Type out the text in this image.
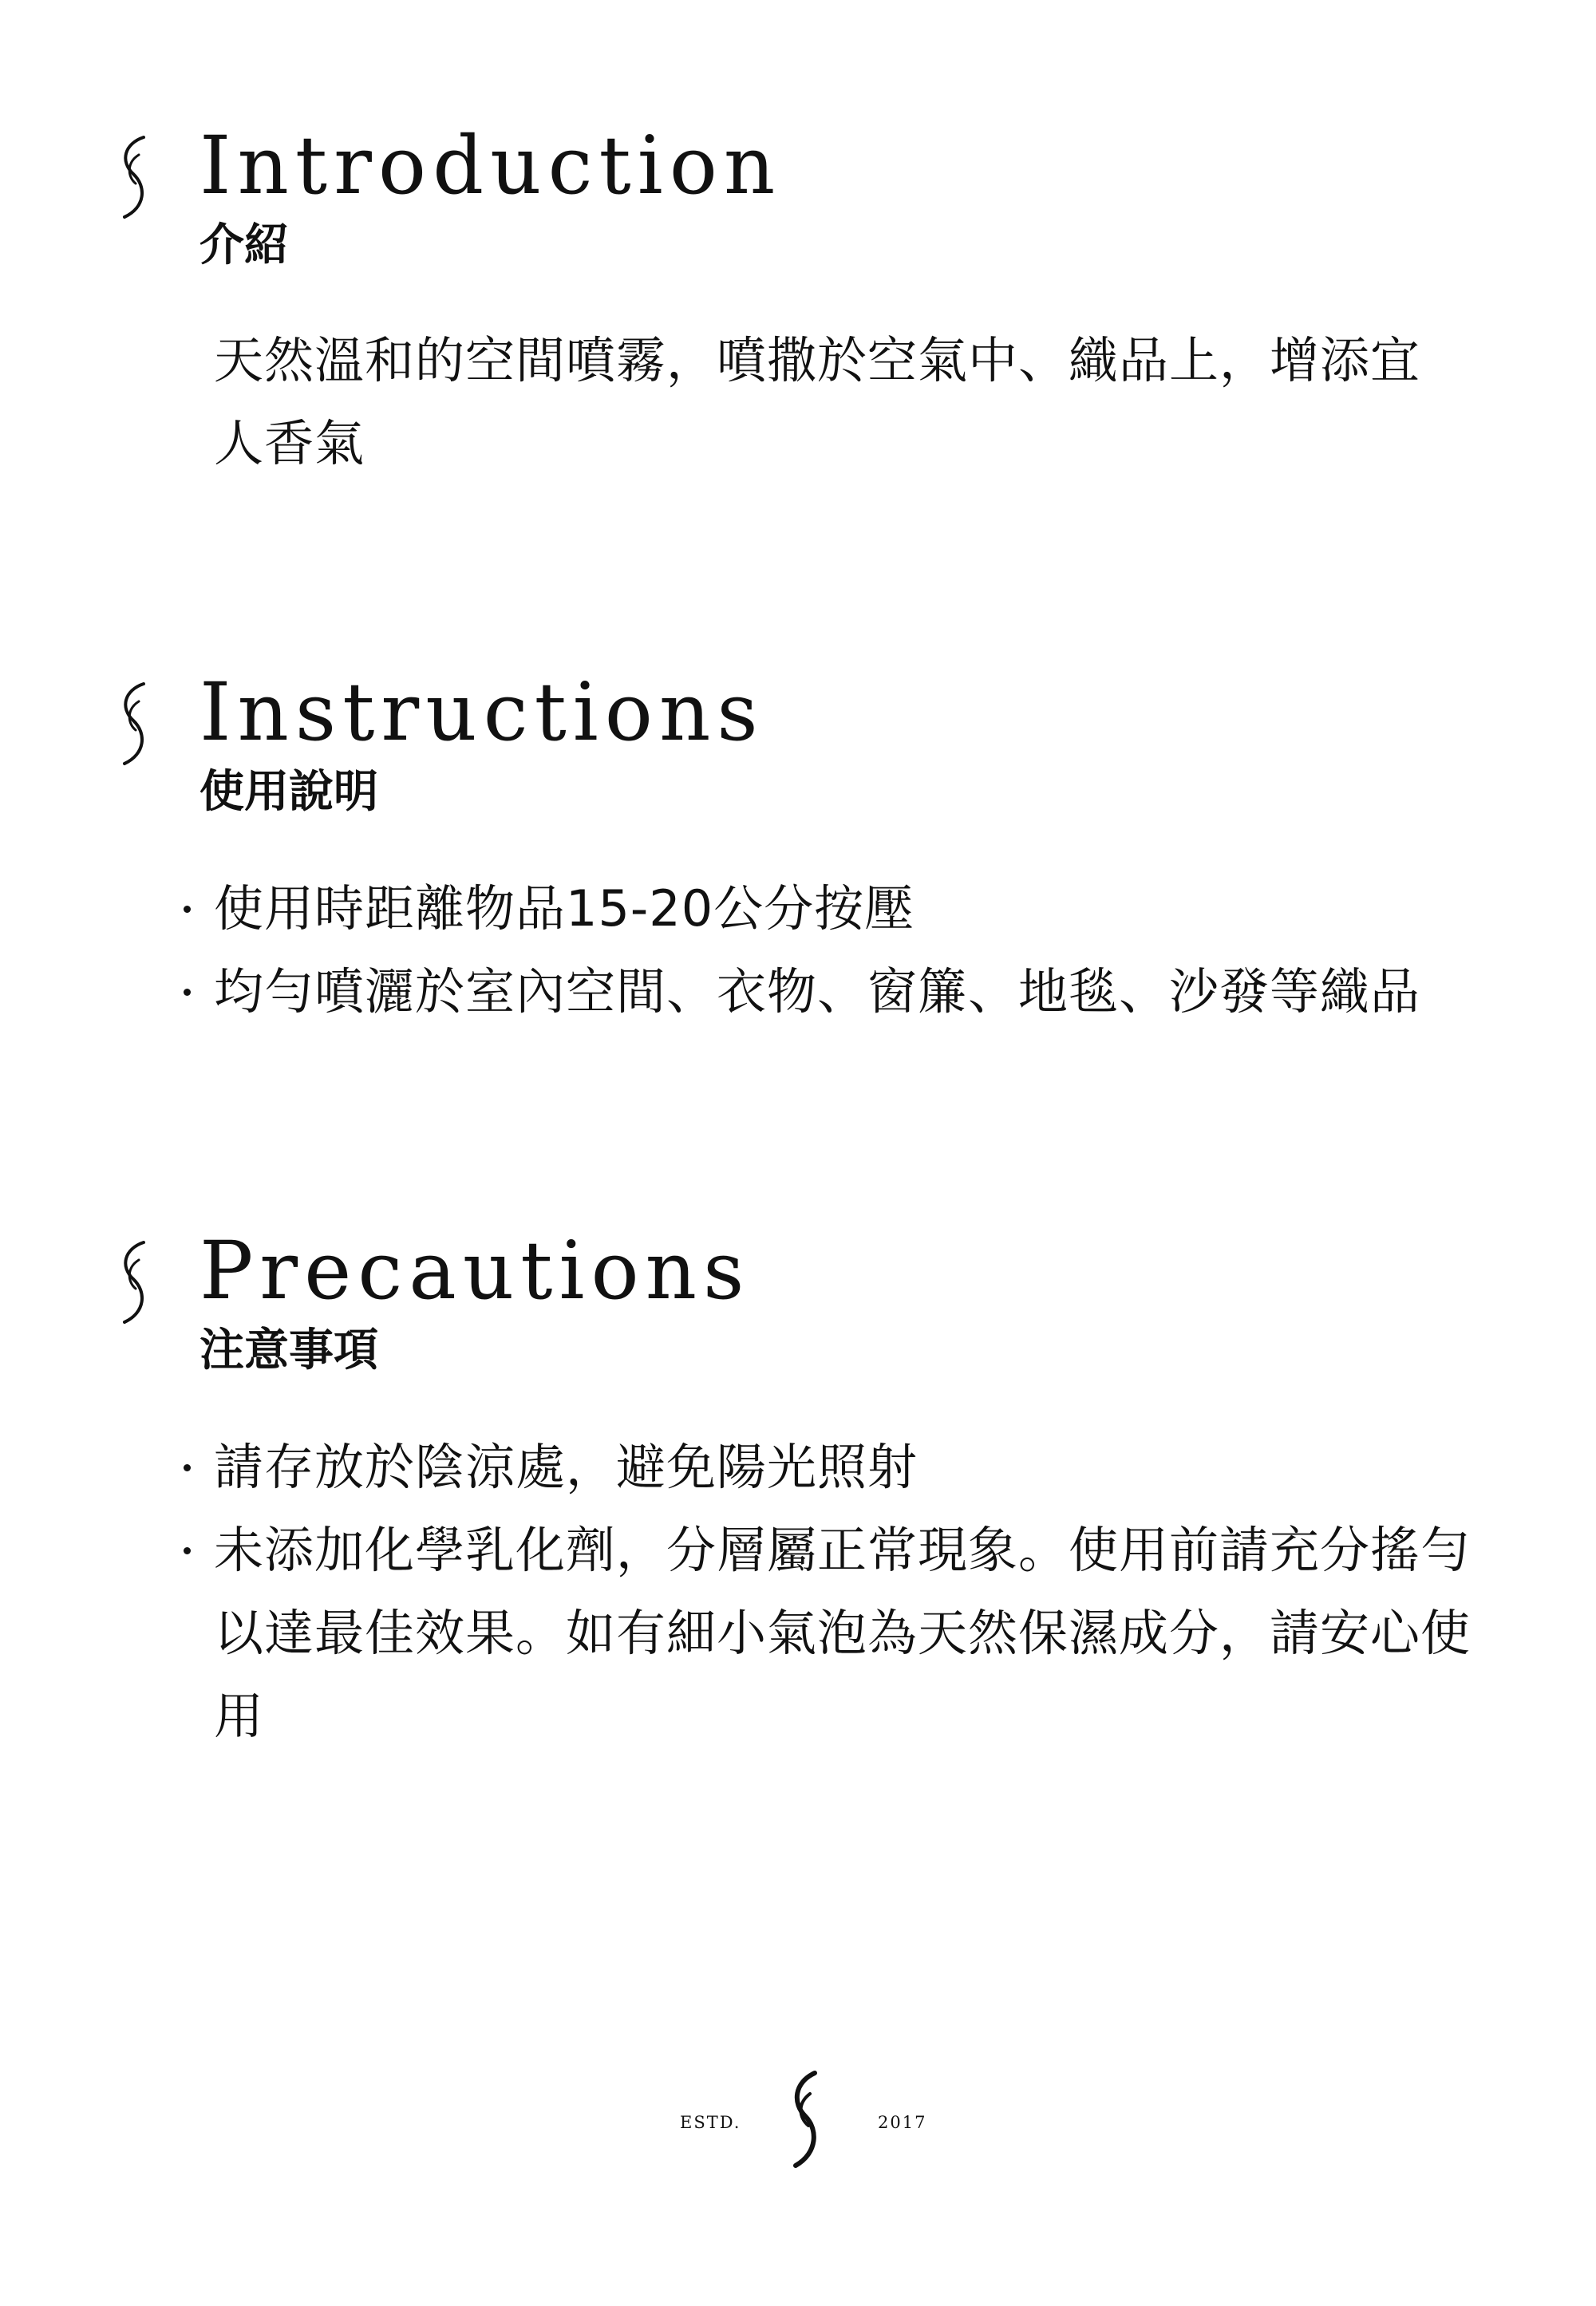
Introduction
介紹

天然溫和的空間噴霧，噴撒於空氣中、織品上，增添宜人香氣

Instructions
使用說明
使用時距離物品15-20公分按壓
均勻噴灑於室內空間、衣物、窗簾、地毯、沙發等織品
Precautions
注意事項
請存放於陰涼處，避免陽光照射
未添加化學乳化劑，分層屬正常現象。使用前請充分搖勻以達最佳效果。如有細小氣泡為天然保濕成分，請安心使用
ESTD.	2017
